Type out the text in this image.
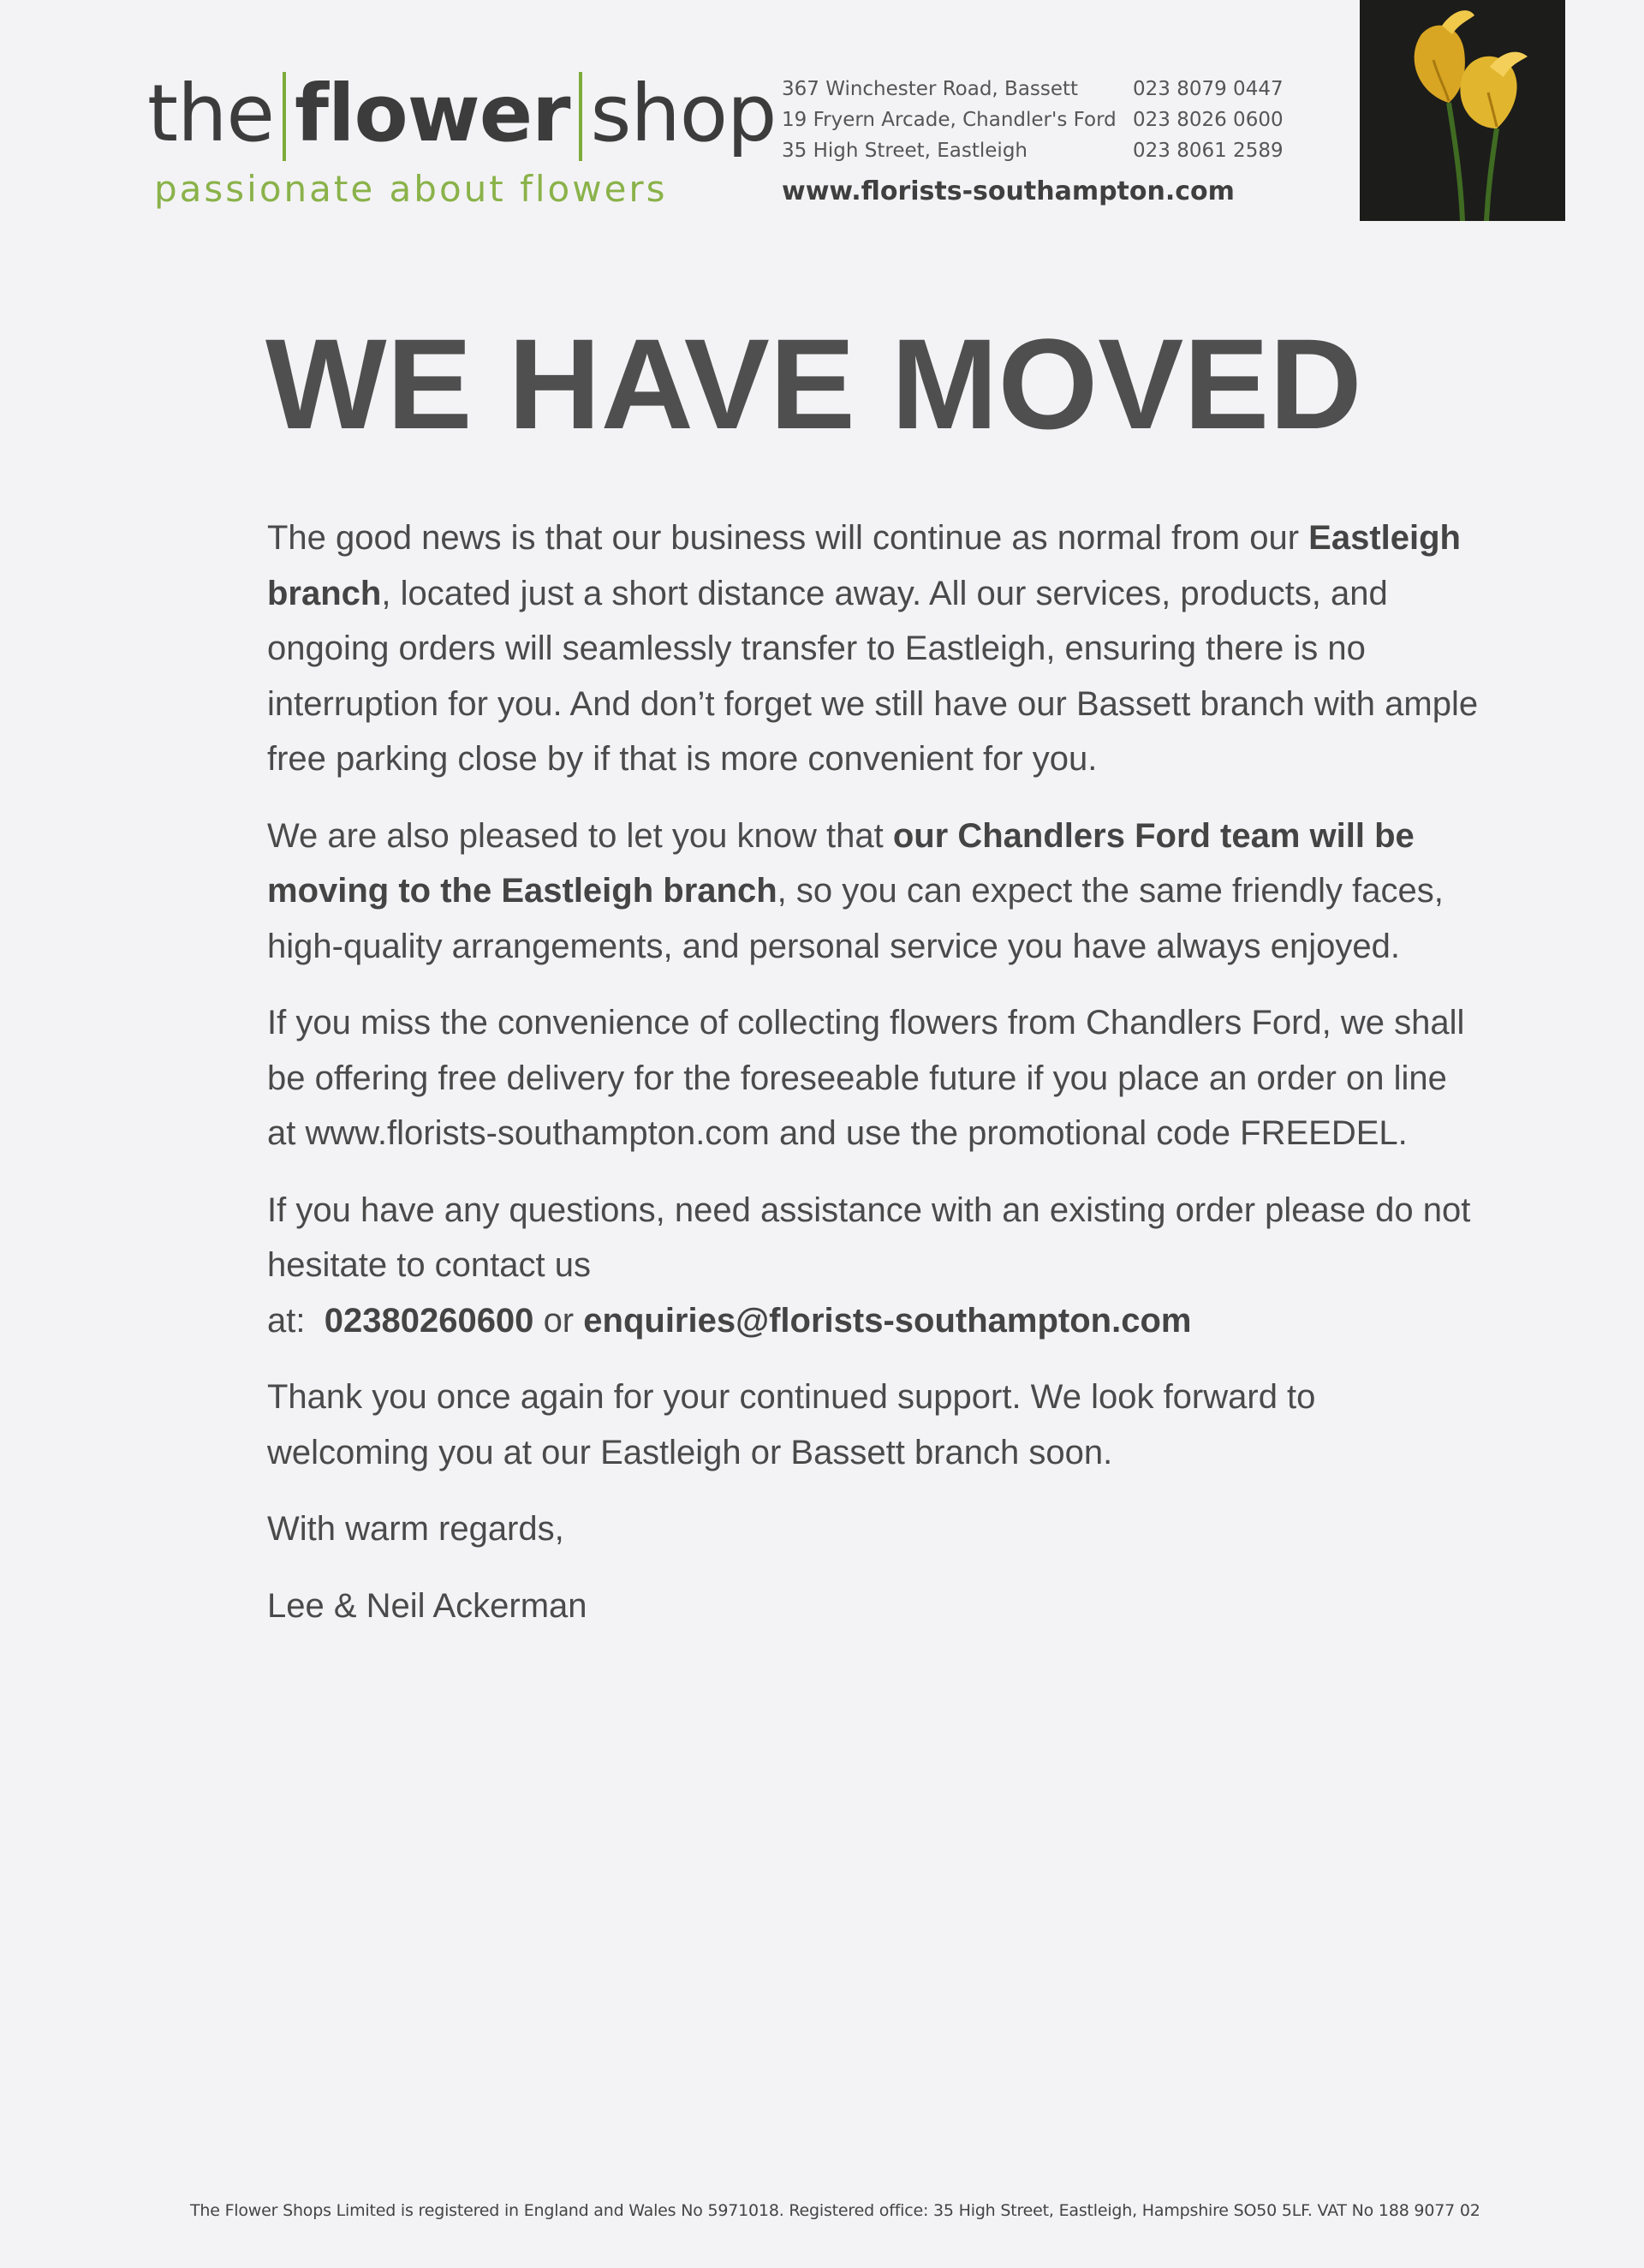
the flower shop
passionate about flowers
367 Winchester Road, Bassett	023 8079 0447
19 Fryern Arcade, Chandler's Ford 023 8026 0600
35 High Street, Eastleigh	023 8061 2589
www.florists-southampton.com
WE HAVE MOVED

The good news is that our business will continue as normal from our Eastleigh branch, located just a short distance away. All our services, products, and ongoing orders will seamlessly transfer to Eastleigh, ensuring there is no interruption for you. And don’t forget we still have our Bassett branch with ample free parking close by if that is more convenient for you.

We are also pleased to let you know that our Chandlers Ford team will be moving to the Eastleigh branch, so you can expect the same friendly faces, high-quality arrangements, and personal service you have always enjoyed.

If you miss the convenience of collecting flowers from Chandlers Ford, we shall be offering free delivery for the foreseeable future if you place an order on line at www.florists-southampton.com and use the promotional code FREEDEL.

If you have any questions, need assistance with an existing order please do not hesitate to contact us
at: 02380260600 or enquiries@florists-southampton.com

Thank you once again for your continued support. We look forward to welcoming you at our Eastleigh or Bassett branch soon.

With warm regards,

Lee & Neil Ackerman

The Flower Shops Limited is registered in England and Wales No 5971018. Registered office: 35 High Street, Eastleigh, Hampshire SO50 5LF. VAT No 188 9077 02
